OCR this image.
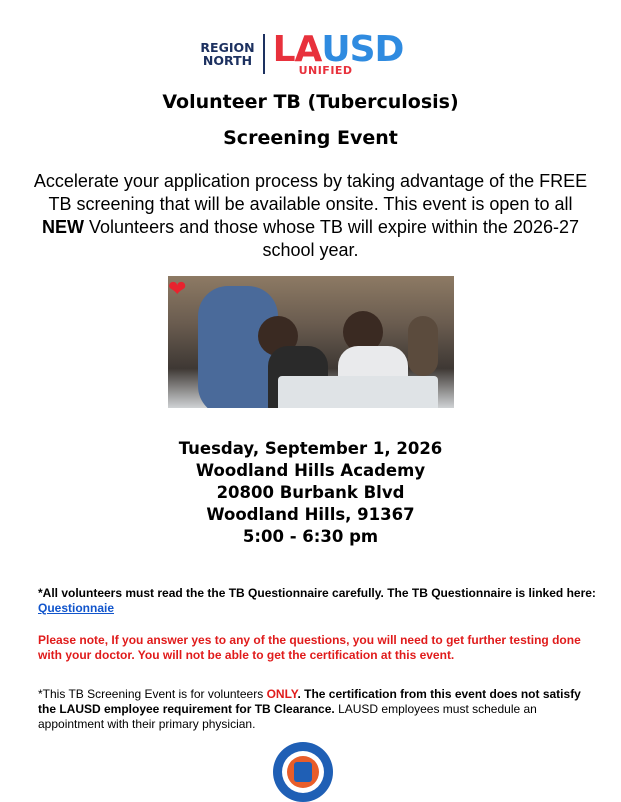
REGION
NORTH LA USD
UNIFIED
Volunteer TB (Tuberculosis)
Screening Event

Accelerate your application process by taking advantage of the FREE TB screening that will be available onsite. This event is open to all NEW Volunteers and those whose TB will expire within the 2026-27 school year.

❤
Tuesday, September 1, 2026
Woodland Hills Academy
20800 Burbank Blvd
Woodland Hills, 91367
5:00 - 6:30 pm

*All volunteers must read the the TB Questionnaire carefully. The TB Questionnaire is linked here: Questionnaie

Please note, If you answer yes to any of the questions, you will need to get further testing done with your doctor. You will not be able to get the certification at this event.

*This TB Screening Event is for volunteers ONLY. The certification from this event does not satisfy the LAUSD employee requirement for TB Clearance. LAUSD employees must schedule an appointment with their primary physician.
